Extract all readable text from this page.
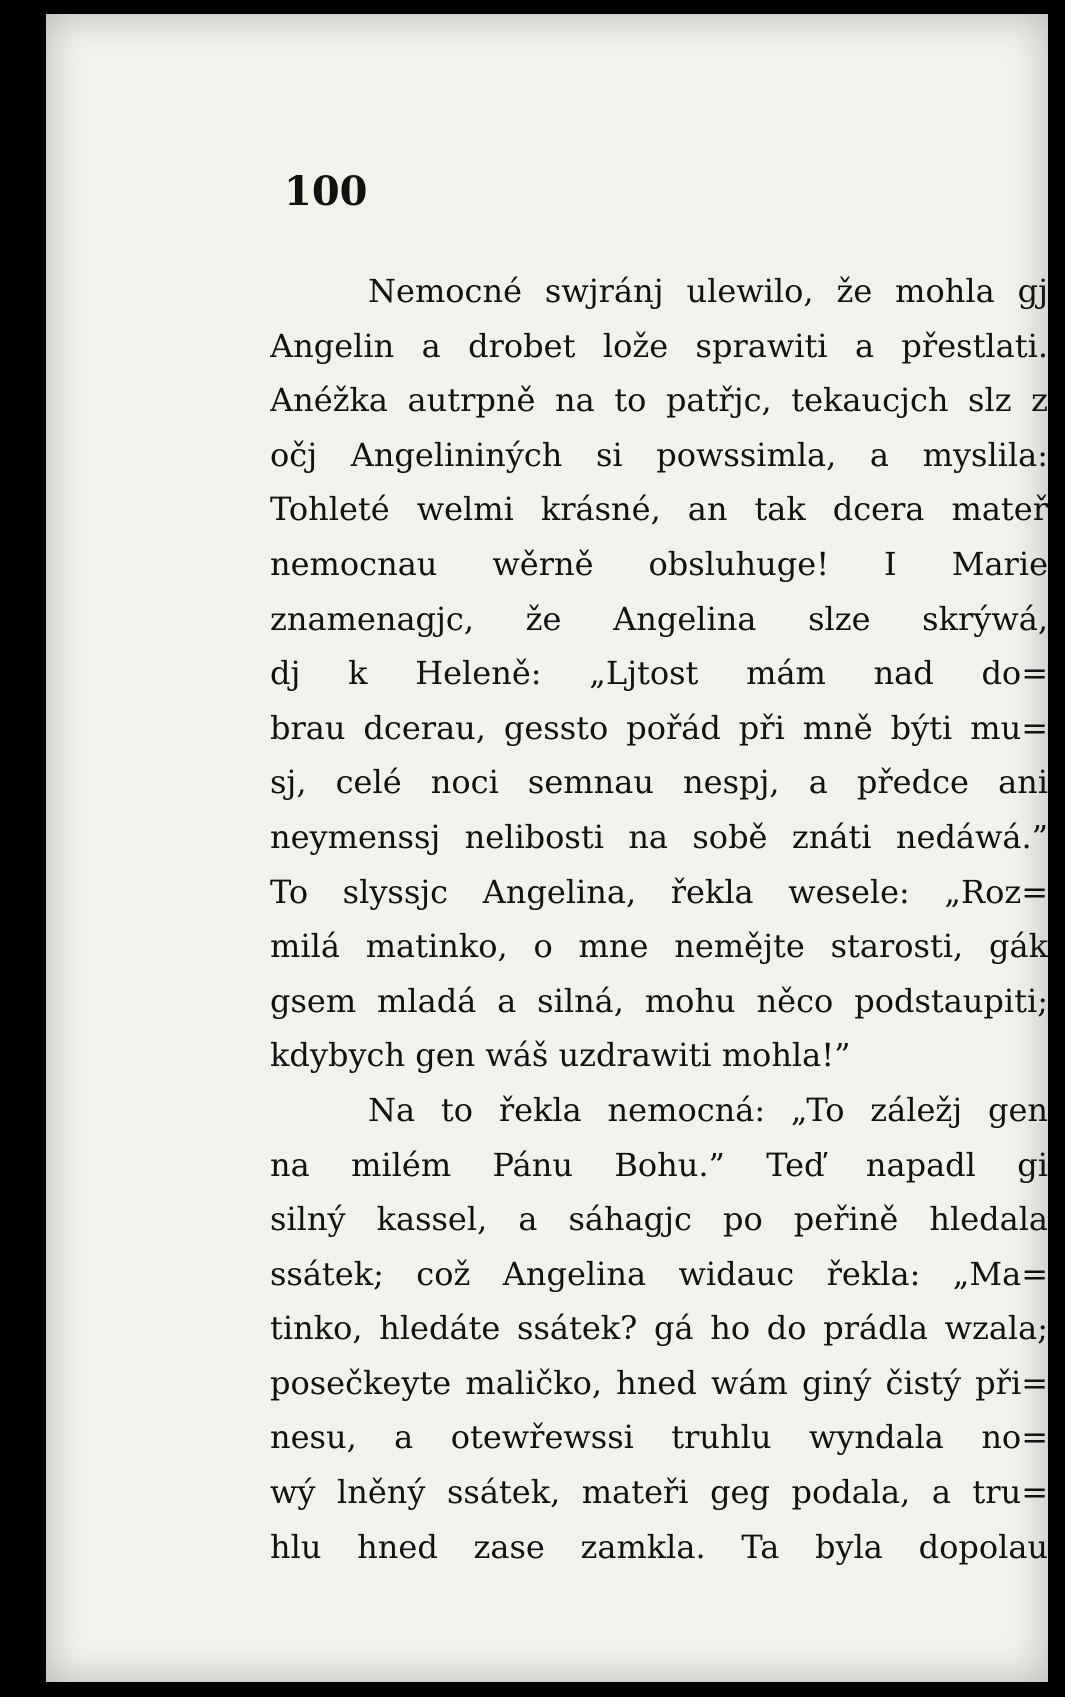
100
Nemocné swjránj ulewilo, že mohla gj
Angelin a drobet lože sprawiti a přestlati.
Anéžka autrpně na to patřjc, tekaucjch slz z
očj Angelininých si powssimla, a myslila:
Tohleté welmi krásné, an tak dcera mateř
nemocnau wěrně obsluhuge! I Marie
znamenagjc, že Angelina slze skrýwá,
dj k Heleně: „Ljtost mám nad do=
brau dcerau, gessto pořád při mně býti mu=
sj, celé noci semnau nespj, a předce ani
neymenssj nelibosti na sobě znáti nedáwá.”
To slyssjc Angelina, řekla wesele: „Roz=
milá matinko, o mne nemějte starosti, gák
gsem mladá a silná, mohu něco podstaupiti;
kdybych gen wáš uzdrawiti mohla!”
Na to řekla nemocná: „To záležj gen
na milém Pánu Bohu.” Teď napadl gi
silný kassel, a sáhagjc po peřině hledala
ssátek; což Angelina widauc řekla: „Ma=
tinko, hledáte ssátek? gá ho do prádla wzala;
posečkeyte maličko, hned wám giný čistý při=
nesu, a otewřewssi truhlu wyndala no=
wý lněný ssátek, mateři geg podala, a tru=
hlu hned zase zamkla. Ta byla dopolau
